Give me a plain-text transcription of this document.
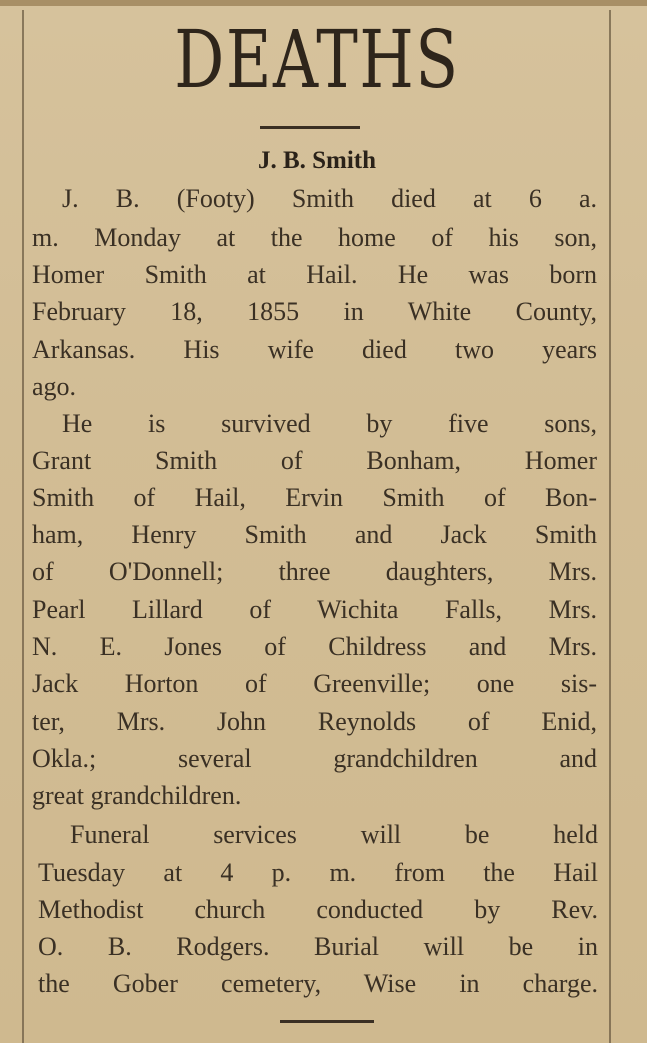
DEATHS
J. B. Smith
J. B. (Footy) Smith died at 6 a.
m. Monday at the home of his son,
Homer Smith at Hail. He was born
February 18, 1855 in White County,
Arkansas. His wife died two years
ago.
He is survived by five sons,
Grant Smith of Bonham, Homer
Smith of Hail, Ervin Smith of Bon-
ham, Henry Smith and Jack Smith
of O'Donnell; three daughters, Mrs.
Pearl Lillard of Wichita Falls, Mrs.
N. E. Jones of Childress and Mrs.
Jack Horton of Greenville; one sis-
ter, Mrs. John Reynolds of Enid,
Okla.; several grandchildren and
great grandchildren.
Funeral services will be held
Tuesday at 4 p. m. from the Hail
Methodist church conducted by Rev.
O. B. Rodgers. Burial will be in
the Gober cemetery, Wise in charge.
